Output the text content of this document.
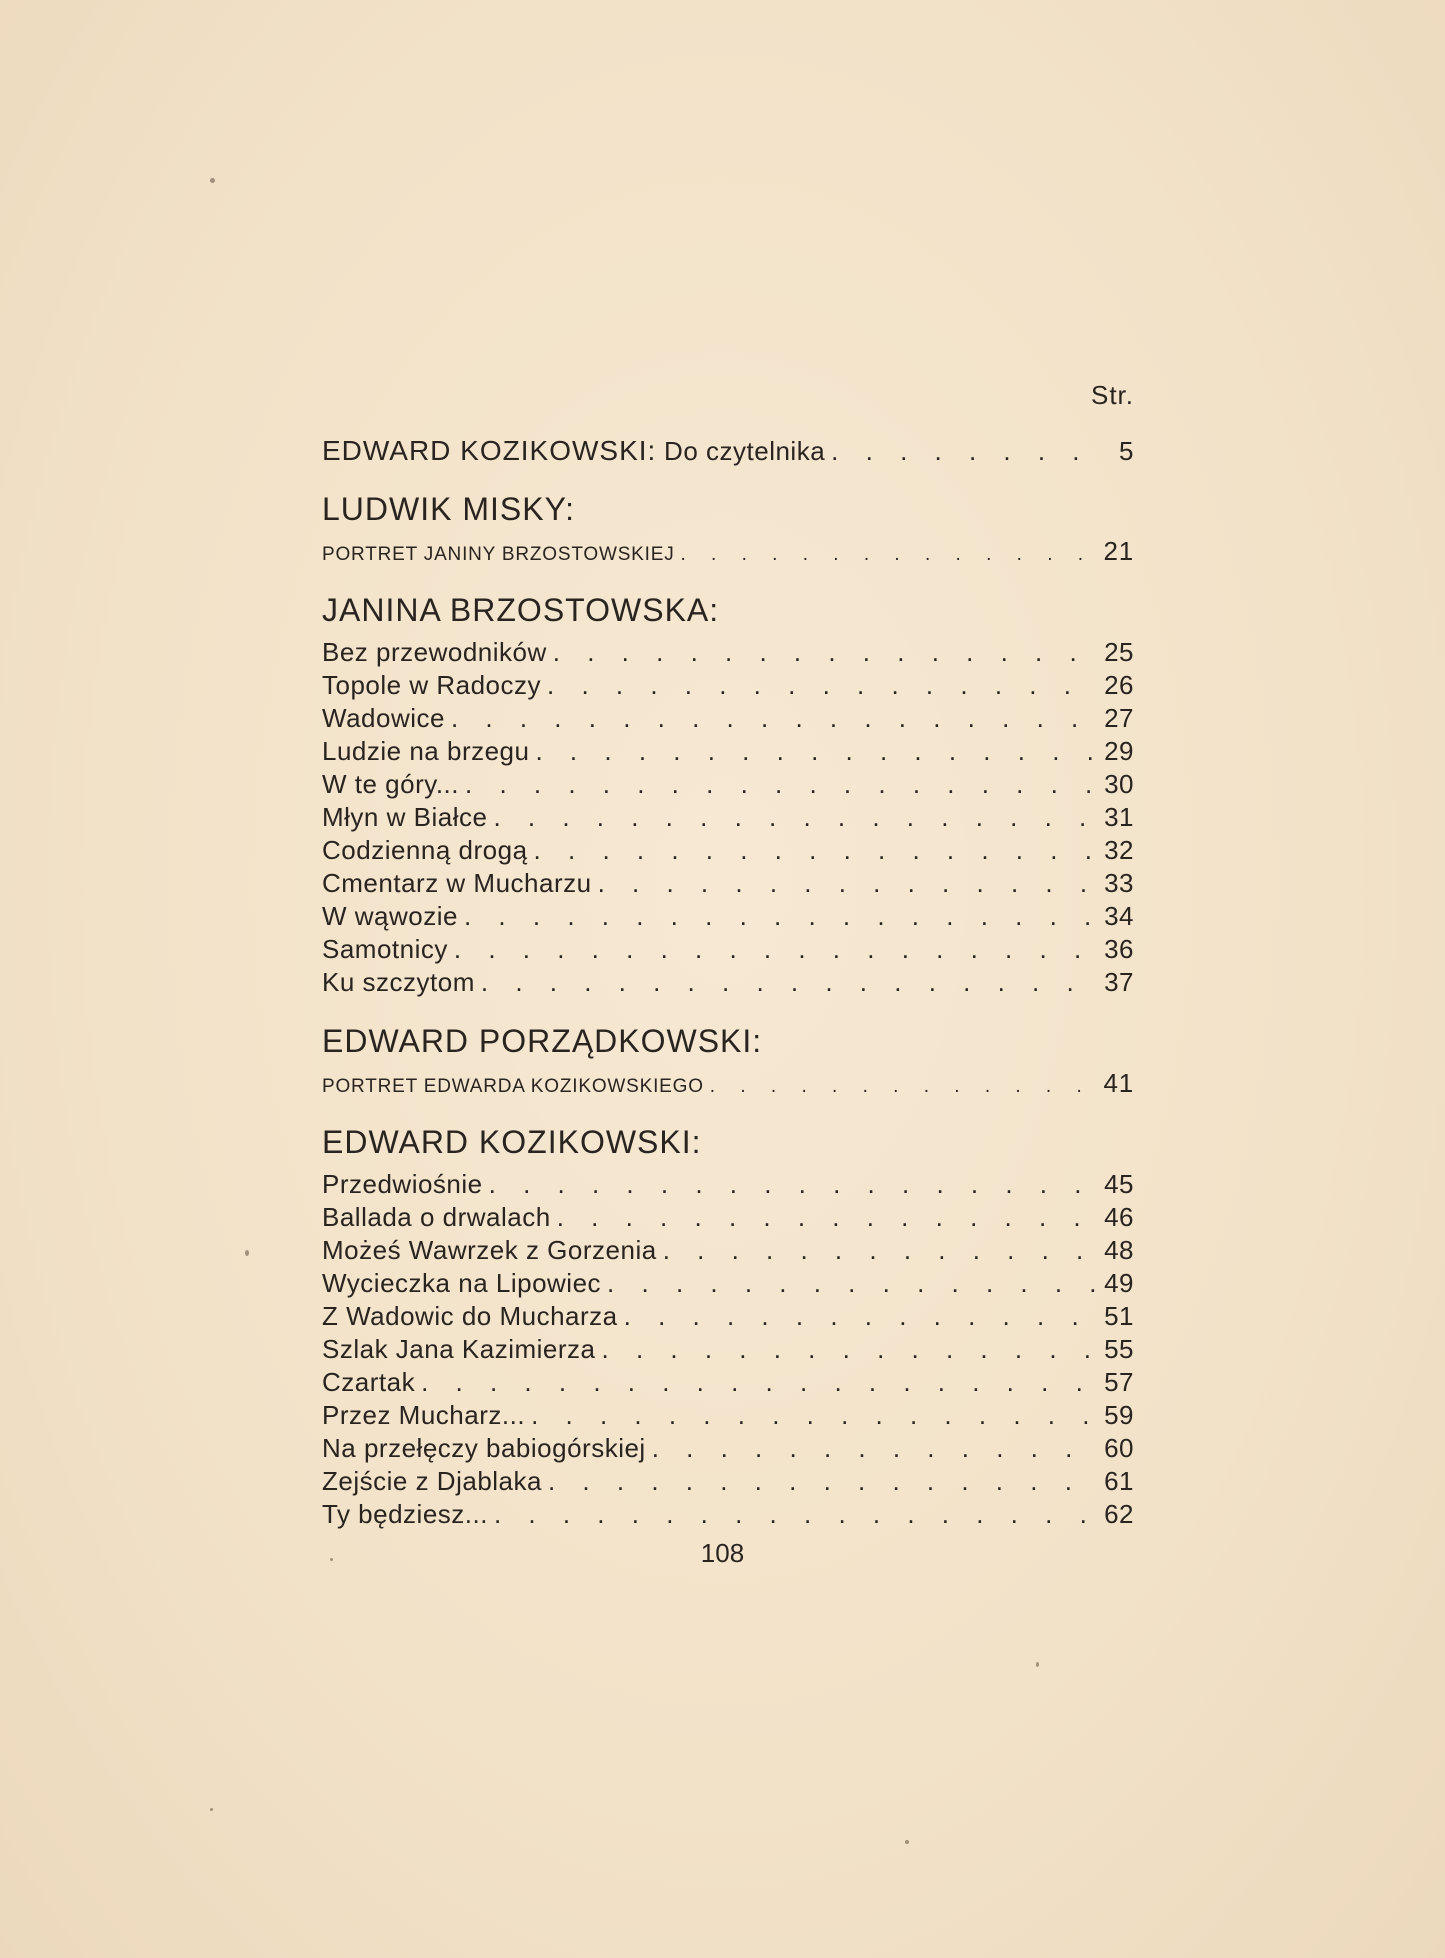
Str.
EDWARD KOZIKOWSKI: Do czytelnika . . .	5
LUDWIK MISKY:
PORTRET JANINY BRZOSTOWSKIEJ . . .	21
JANINA BRZOSTOWSKA:
Bez przewodników . . .	25
Topole w Radoczy . . .	26
Wadowice . . .	27
Ludzie na brzegu . . .	29
W te góry... . . .	30
Młyn w Białce . . .	31
Codzienną drogą . . .	32
Cmentarz w Mucharzu . . .	33
W wąwozie . . .	34
Samotnicy . . .	36
Ku szczytom . . .	37
EDWARD PORZĄDKOWSKI:
PORTRET EDWARDA KOZIKOWSKIEGO . . .	41
EDWARD KOZIKOWSKI:
Przedwiośnie . . .	45
Ballada o drwalach . . .	46
Możeś Wawrzek z Gorzenia . . .	48
Wycieczka na Lipowiec . . .	49
Z Wadowic do Mucharza . . .	51
Szlak Jana Kazimierza . . .	55
Czartak . . .	57
Przez Mucharz... . . .	59
Na przełęczy babiogórskiej . . .	60
Zejście z Djablaka . . .	61
Ty będziesz... . . .	62
108
